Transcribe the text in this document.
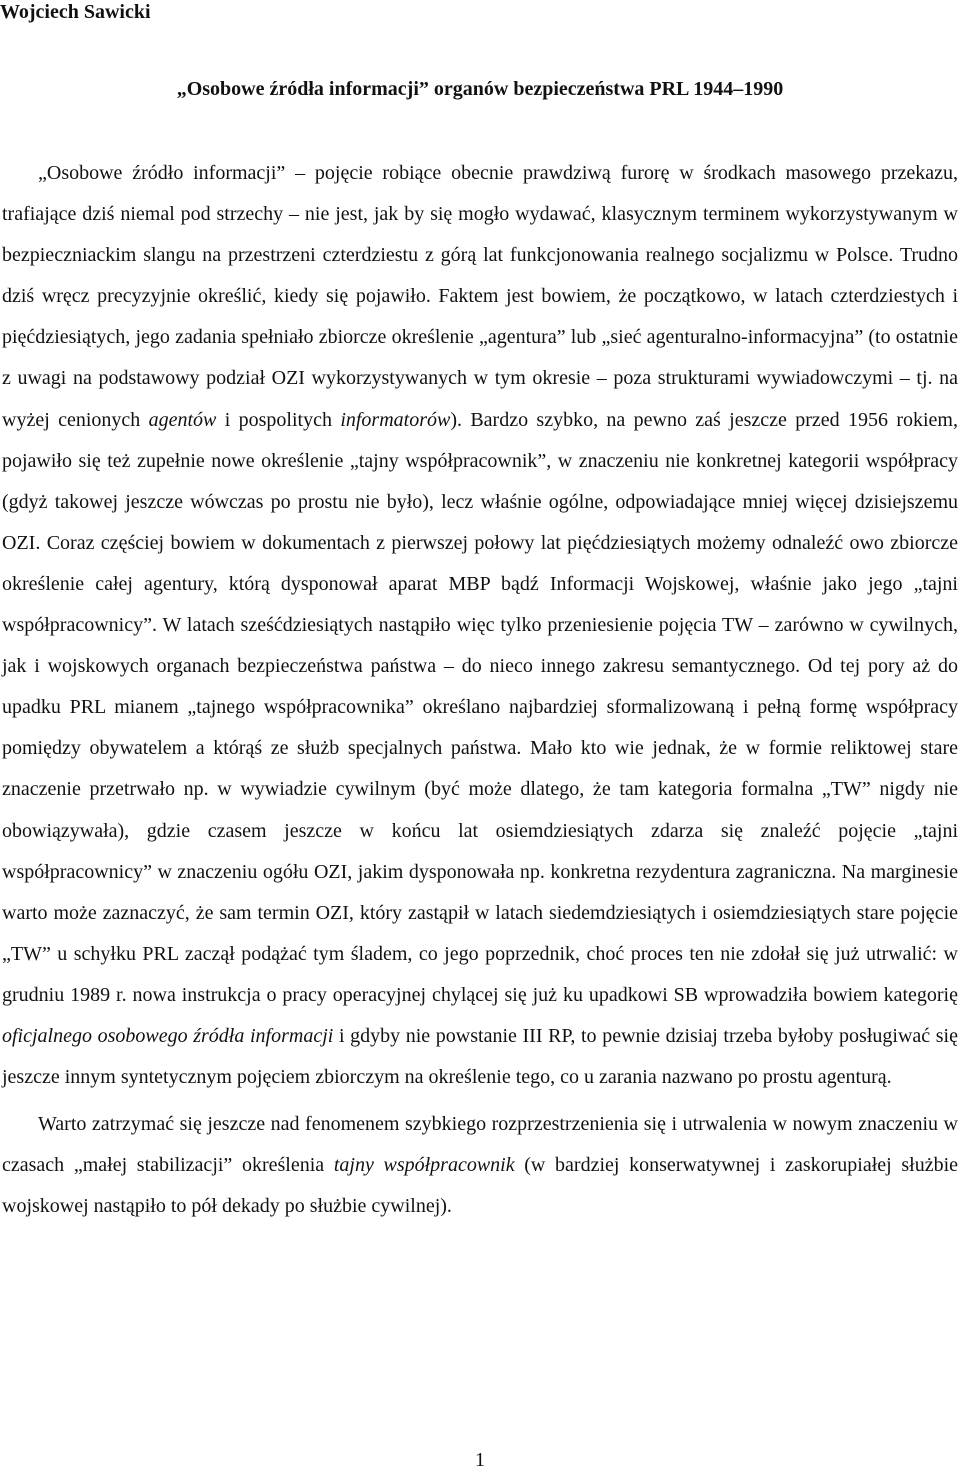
Wojciech Sawicki
„Osobowe źródła informacji” organów bezpieczeństwa PRL 1944–1990

„Osobowe źródło informacji” – pojęcie robiące obecnie prawdziwą furorę w środkach masowego przekazu, trafiające dziś niemal pod strzechy – nie jest, jak by się mogło wydawać, klasycznym terminem wykorzystywanym w bezpieczniackim slangu na przestrzeni czterdziestu z górą lat funkcjonowania realnego socjalizmu w Polsce. Trudno dziś wręcz precyzyjnie określić, kiedy się pojawiło. Faktem jest bowiem, że początkowo, w latach czterdziestych i pięćdziesiątych, jego zadania spełniało zbiorcze określenie „agentura” lub „sieć agenturalno-informacyjna” (to ostatnie z uwagi na podstawowy podział OZI wykorzystywanych w tym okresie – poza strukturami wywiadowczymi – tj. na wyżej cenionych agentów i pospolitych informatorów). Bardzo szybko, na pewno zaś jeszcze przed 1956 rokiem, pojawiło się też zupełnie nowe określenie „tajny współpracownik”, w znaczeniu nie konkretnej kategorii współpracy (gdyż takowej jeszcze wówczas po prostu nie było), lecz właśnie ogólne, odpowiadające mniej więcej dzisiejszemu OZI. Coraz częściej bowiem w dokumentach z pierwszej połowy lat pięćdziesiątych możemy odnaleźć owo zbiorcze określenie całej agentury, którą dysponował aparat MBP bądź Informacji Wojskowej, właśnie jako jego „tajni współpracownicy”. W latach sześćdziesiątych nastąpiło więc tylko przeniesienie pojęcia TW – zarówno w cywilnych, jak i wojskowych organach bezpieczeństwa państwa – do nieco innego zakresu semantycznego. Od tej pory aż do upadku PRL mianem „tajnego współpracownika” określano najbardziej sformalizowaną i pełną formę współpracy pomiędzy obywatelem a którąś ze służb specjalnych państwa. Mało kto wie jednak, że w formie reliktowej stare znaczenie przetrwało np. w wywiadzie cywilnym (być może dlatego, że tam kategoria formalna „TW” nigdy nie obowiązywała), gdzie czasem jeszcze w końcu lat osiemdziesiątych zdarza się znaleźć pojęcie „tajni współpracownicy” w znaczeniu ogółu OZI, jakim dysponowała np. konkretna rezydentura zagraniczna. Na marginesie warto może zaznaczyć, że sam termin OZI, który zastąpił w latach siedemdziesiątych i osiemdziesiątych stare pojęcie „TW” u schyłku PRL zaczął podążać tym śladem, co jego poprzednik, choć proces ten nie zdołał się już utrwalić: w grudniu 1989 r. nowa instrukcja o pracy operacyjnej chylącej się już ku upadkowi SB wprowadziła bowiem kategorię oficjalnego osobowego źródła informacji i gdyby nie powstanie III RP, to pewnie dzisiaj trzeba byłoby posługiwać się jeszcze innym syntetycznym pojęciem zbiorczym na określenie tego, co u zarania nazwano po prostu agenturą.

Warto zatrzymać się jeszcze nad fenomenem szybkiego rozprzestrzenienia się i utrwalenia w nowym znaczeniu w czasach „małej stabilizacji” określenia tajny współpracownik (w bardziej konserwatywnej i zaskorupiałej służbie wojskowej nastąpiło to pół dekady po służbie cywilnej).

1
